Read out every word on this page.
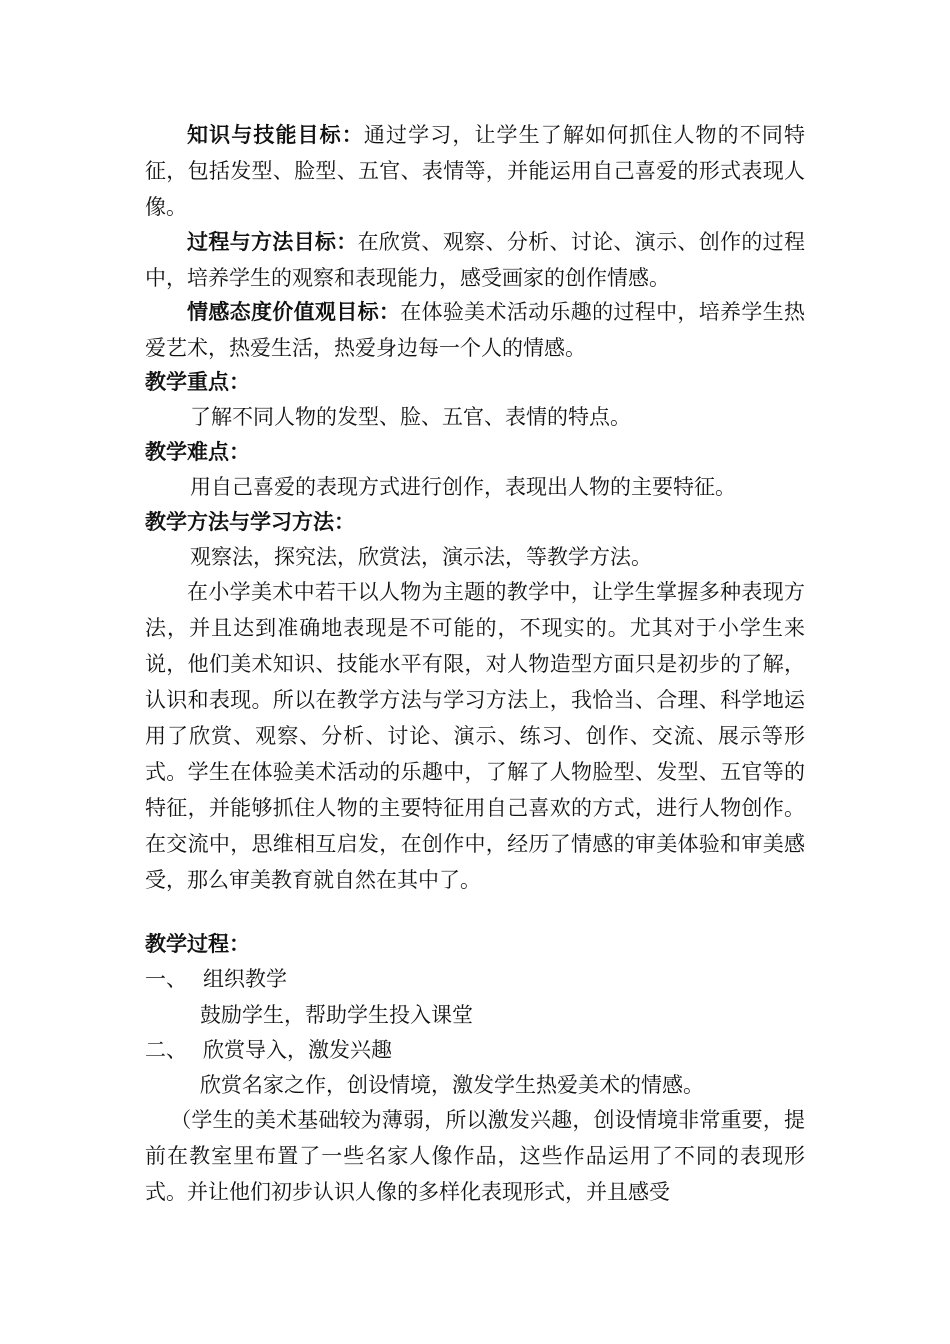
知识与技能目标：通过学习，让学生了解如何抓住人物的不同特征，包括发型、脸型、五官、表情等，并能运用自己喜爱的形式表现人像。

过程与方法目标：在欣赏、观察、分析、讨论、演示、创作的过程中，培养学生的观察和表现能力，感受画家的创作情感。

情感态度价值观目标：在体验美术活动乐趣的过程中，培养学生热爱艺术，热爱生活，热爱身边每一个人的情感。

教学重点：

了解不同人物的发型、脸、五官、表情的特点。

教学难点：

用自己喜爱的表现方式进行创作，表现出人物的主要特征。

教学方法与学习方法：

观察法，探究法，欣赏法，演示法，等教学方法。

在小学美术中若干以人物为主题的教学中，让学生掌握多种表现方法，并且达到准确地表现是不可能的，不现实的。尤其对于小学生来说，他们美术知识、技能水平有限，对人物造型方面只是初步的了解，认识和表现。所以在教学方法与学习方法上，我恰当、合理、科学地运用了欣赏、观察、分析、讨论、演示、练习、创作、交流、展示等形式。学生在体验美术活动的乐趣中，了解了人物脸型、发型、五官等的特征，并能够抓住人物的主要特征用自己喜欢的方式，进行人物创作。在交流中，思维相互启发，在创作中，经历了情感的审美体验和审美感受，那么审美教育就自然在其中了。

教学过程：

一、 组织教学

鼓励学生，帮助学生投入课堂

二、 欣赏导入，激发兴趣

欣赏名家之作，创设情境，激发学生热爱美术的情感。

（学生的美术基础较为薄弱，所以激发兴趣，创设情境非常重要，提前在教室里布置了一些名家人像作品，这些作品运用了不同的表现形式。并让他们初步认识人像的多样化表现形式，并且感受
